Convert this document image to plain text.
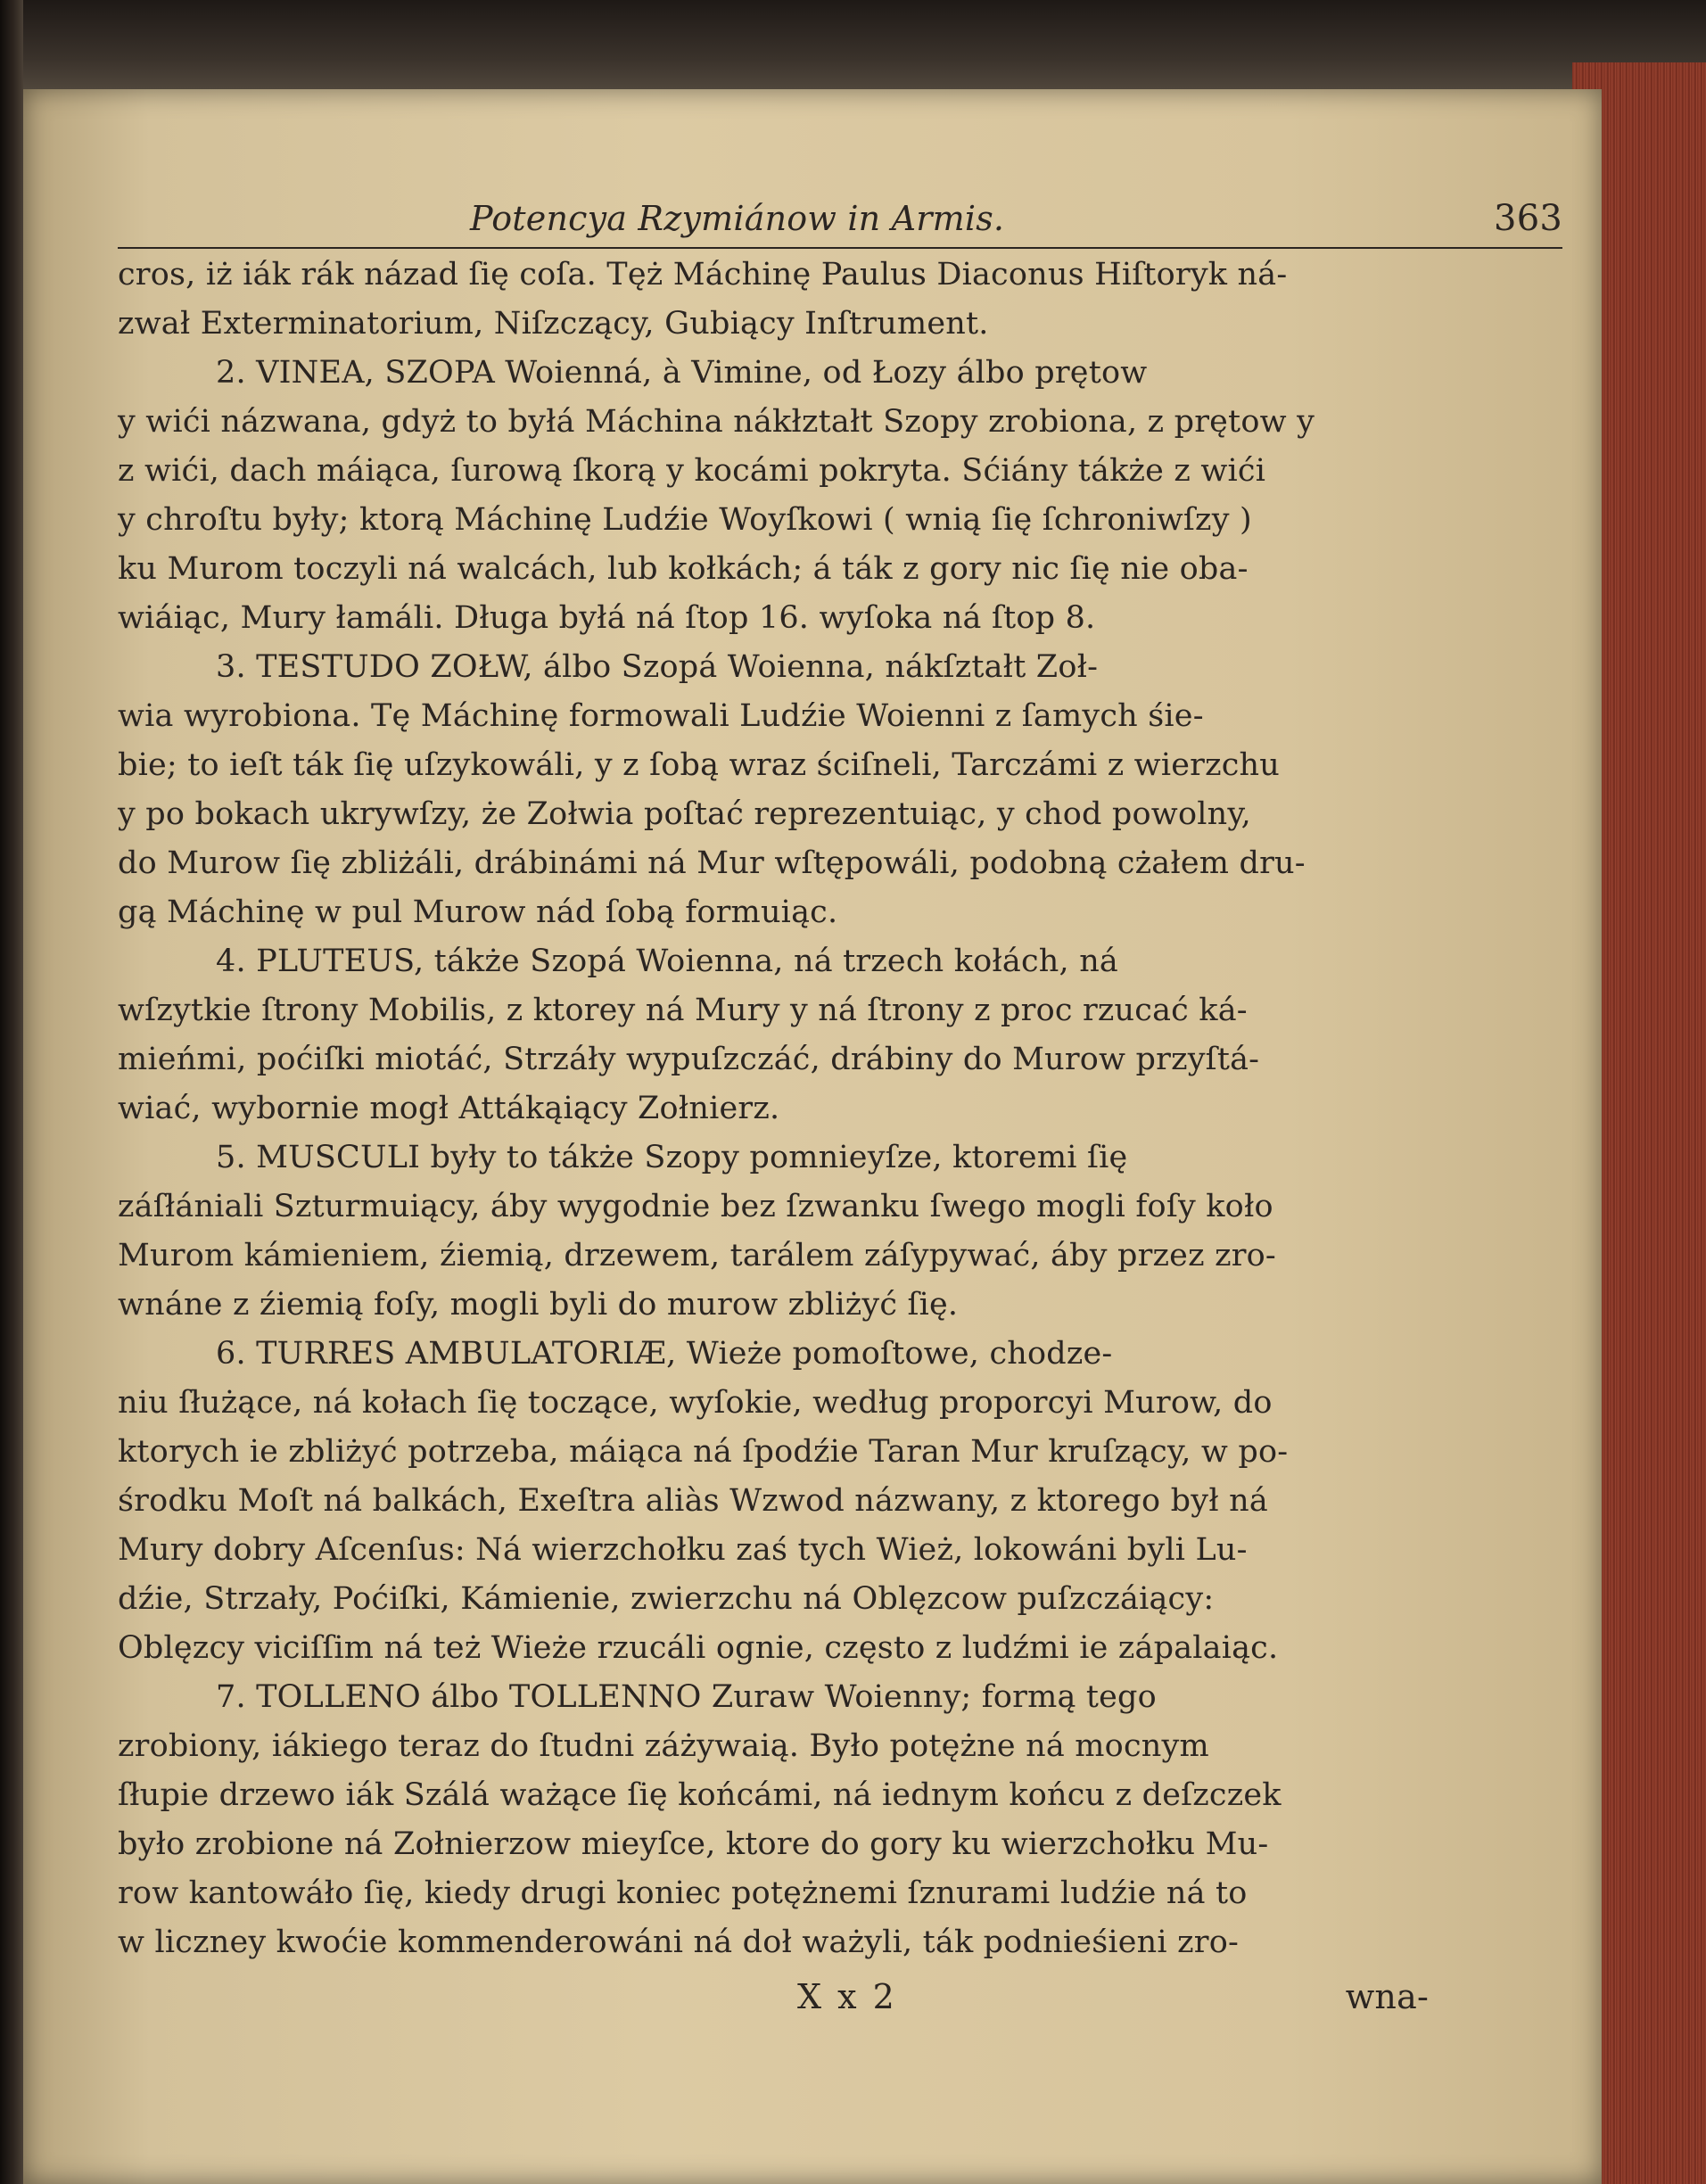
Potencya Rzymiánow in Armis.	363
cros, iż iák rák názad ſię coſa. Tęż Máchinę Paulus Diaconus Hiſtoryk ná-
zwał Exterminatorium, Niſzczący, Gubiący Inſtrument.
2. VINEA, SZOPA Woienná, à Vimine, od Łozy álbo prętow
y wići názwana, gdyż to byłá Máchina nákłztałt Szopy zrobiona, z prętow y
z wići, dach máiąca, ſurową ſkorą y kocámi pokryta. Sćiány tákże z wići
y chroſtu były; ktorą Máchinę Ludźie Woyſkowi ( wnią ſię ſchroniwſzy )
ku Murom toczyli ná walcách, lub kołkách; á ták z gory nic ſię nie oba-
wiáiąc, Mury łamáli. Długa byłá ná ſtop 16. wyſoka ná ſtop 8.
3. TESTUDO ZOŁW, álbo Szopá Woienna, nákſztałt Zoł-
wia wyrobiona. Tę Máchinę formowali Ludźie Woienni z ſamych śie-
bie; to ieſt ták ſię uſzykowáli, y z ſobą wraz ściſneli, Tarczámi z wierzchu
y po bokach ukrywſzy, że Zołwia poſtać reprezentuiąc, y chod powolny,
do Murow ſię zbliżáli, drábinámi ná Mur wſtępowáli, podobną cżałem dru-
gą Máchinę w pul Murow nád ſobą formuiąc.
4. PLUTEUS, tákże Szopá Woienna, ná trzech kołách, ná
wſzytkie ſtrony Mobilis, z ktorey ná Mury y ná ſtrony z proc rzucać ká-
mieńmi, poćiſki miotáć, Strzáły wypuſzczáć, drábiny do Murow przyſtá-
wiać, wybornie mogł Attákąiący Zołnierz.
5. MUSCULI były to tákże Szopy pomnieyſze, ktoremi ſię
záſłániali Szturmuiący, áby wygodnie bez ſzwanku ſwego mogli foſy koło
Murom kámieniem, źiemią, drzewem, tarálem záſypywać, áby przez zro-
wnáne z źiemią foſy, mogli byli do murow zbliżyć ſię.
6. TURRES AMBULATORIÆ, Wieże pomoſtowe, chodze-
niu ſłużące, ná kołach ſię toczące, wyſokie, według proporcyi Murow, do
ktorych ie zbliżyć potrzeba, máiąca ná ſpodźie Taran Mur kruſzący, w po-
środku Moſt ná balkách, Exeſtra aliàs Wzwod názwany, z ktorego był ná
Mury dobry Aſcenſus: Ná wierzchołku zaś tych Wież, lokowáni byli Lu-
dźie, Strzały, Poćiſki, Kámienie, zwierzchu ná Oblęzcow puſzczáiący:
Oblęzcy viciſſim ná też Wieże rzucáli ognie, często z ludźmi ie zápalaiąc.
7. TOLLENO álbo TOLLENNO Zuraw Woienny; formą tego
zrobiony, iákiego teraz do ſtudni záżywaią. Było potężne ná mocnym
ſłupie drzewo iák Szálá ważące ſię końcámi, ná iednym końcu z deſzczek
było zrobione ná Zołnierzow mieyſce, ktore do gory ku wierzchołku Mu-
row kantowáło ſię, kiedy drugi koniec potężnemi ſznurami ludźie ná to
w liczney kwoćie kommenderowáni ná doł ważyli, ták podnieśieni zro-
X x 2	wna-
